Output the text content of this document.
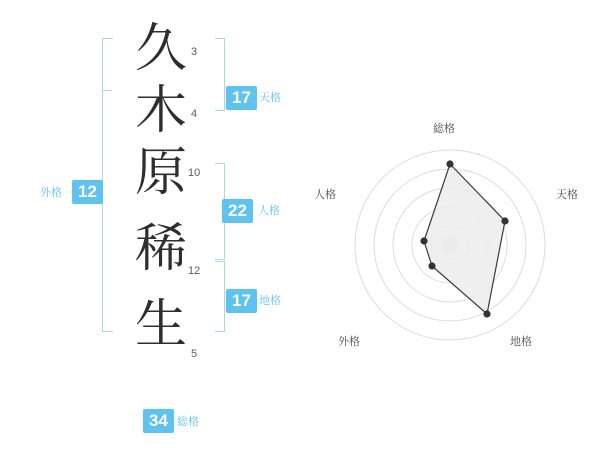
久
木
原
稀
生
3
4
10
12
5
17 天格
22	人格
17 地格
外格 12
34 総格
総格
天格
地格
外格
人格
